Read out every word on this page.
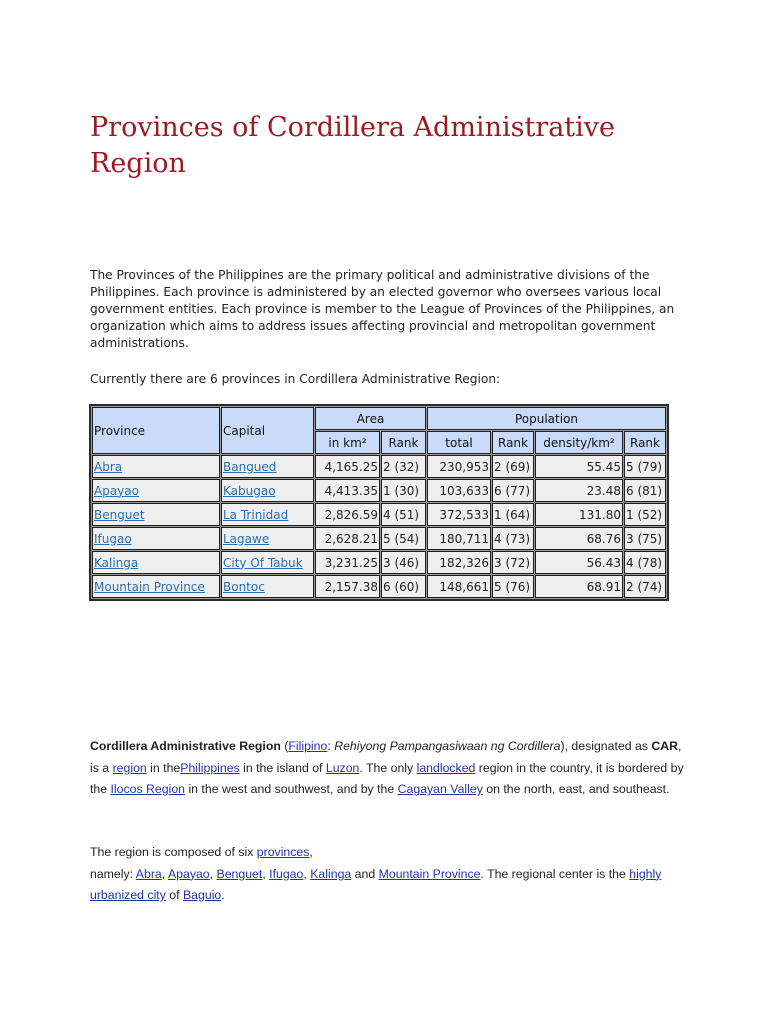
Provinces of Cordillera Administrative Region

The Provinces of the Philippines are the primary political and administrative divisions of the Philippines. Each province is administered by an elected governor who oversees various local government entities. Each province is member to the League of Provinces of the Philippines, an organization which aims to address issues affecting provincial and metropolitan government administrations.

Currently there are 6 provinces in Cordillera Administrative Region:

Province	Capital	Area		Population			
		in km²	Rank	total	Rank	density/km²	Rank
Abra	Bangued	4,165.25	2 (32)	230,953	2 (69)	55.45	5 (79)
Apayao	Kabugao	4,413.35	1 (30)	103,633	6 (77)	23.48	6 (81)
Benguet	La Trinidad	2,826.59	4 (51)	372,533	1 (64)	131.80	1 (52)
Ifugao	Lagawe	2,628.21	5 (54)	180,711	4 (73)	68.76	3 (75)
Kalinga	City Of Tabuk	3,231.25	3 (46)	182,326	3 (72)	56.43	4 (78)
Mountain Province	Bontoc	2,157.38	6 (60)	148,661	5 (76)	68.91	2 (74)

Cordillera Administrative Region (Filipino: Rehiyong Pampangasiwaan ng Cordillera), designated as CAR, is a region in thePhilippines in the island of Luzon. The only landlocked region in the country, it is bordered by the Ilocos Region in the west and southwest, and by the Cagayan Valley on the north, east, and southeast.

The region is composed of six provinces,
namely: Abra, Apayao, Benguet, Ifugao, Kalinga and Mountain Province. The regional center is the highly urbanized city of Baguio.
